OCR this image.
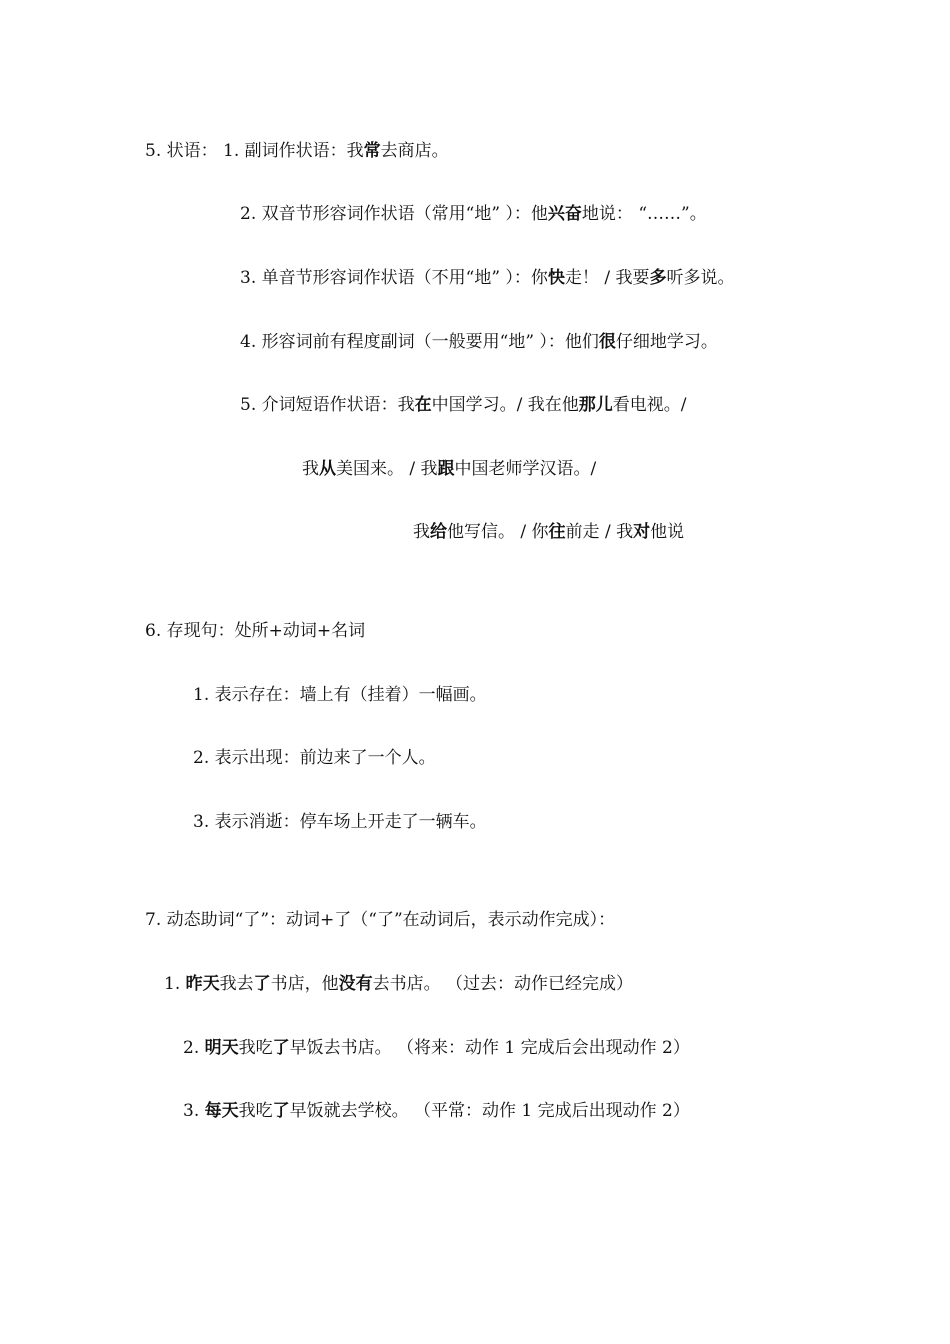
5. 状语： 1. 副词作状语：我常去商店。
2. 双音节形容词作状语（常用“地” ）：他兴奋地说： “……”。
3. 单音节形容词作状语（不用“地” ）：你快走！ / 我要多听多说。
4. 形容词前有程度副词（一般要用“地” ）：他们很仔细地学习。
5. 介词短语作状语：我在中国学习。/ 我在他那儿看电视。/
我从美国来。 / 我跟中国老师学汉语。/
我给他写信。 / 你往前走 / 我对他说
6. 存现句：处所+动词+名词
1. 表示存在：墙上有（挂着）一幅画。
2. 表示出现：前边来了一个人。
3. 表示消逝：停车场上开走了一辆车。
7. 动态助词“了”：动词+了（“了”在动词后，表示动作完成）：
1. 昨天我去了书店，他没有去书店。 （过去：动作已经完成）
2. 明天我吃了早饭去书店。 （将来：动作 1 完成后会出现动作 2）
3. 每天我吃了早饭就去学校。 （平常：动作 1 完成后出现动作 2）
